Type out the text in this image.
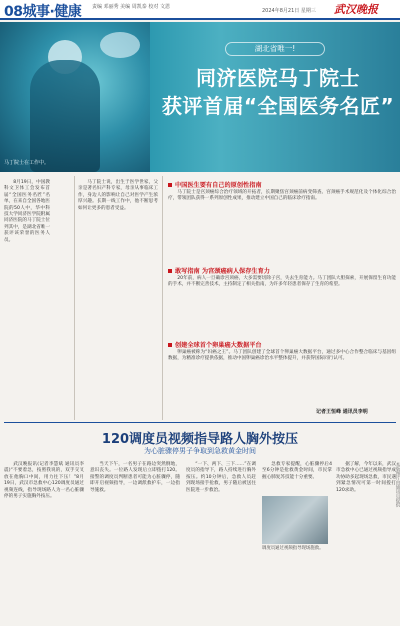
08城事·健康 责编 邓丽秀 美编 周凯泰 校对 文恩
2024年8月21日 星期三 武汉晚报
马丁院士在工作中。
湖北省唯一!
同济医院马丁院士
获评首届“全国医务名匠”

8月19日，中国教科文卫体工会发布首届“全国医务名匠”名单，在来自全国各地医院的50人中，华中科技大学同济医学院附属同济医院的马丁院士位列其中，是湖北省唯一获评该荣誉的医务人员。

马丁院士说，出生于医学世家，父亲是著名妇产科专家，母亲从事临床工作，身边人的影响让自己对医学产生浓厚兴趣。长期一线工作中，他不断思考如何让更多的患者受益。

中国医生要有自己的原创性指南

马丁院士是宫颈癌综合治疗领域的开拓者，长期聚焦宫颈癌前病变筛查、宫颈癌手术规范化及个体化综合治疗，带领团队获得一系列原创性成果，推动建立中国自己的临床诊疗指南。

敢写指南 为宫颈癌病人保存生育力

20年前，病人一旦确诊宫颈癌，大多需要切除子宫，失去生育能力。马丁团队大胆探索，开展保留生育功能的手术，并不断完善技术，主持制定了相关指南，为许多年轻患者保存了生育的希望。

创建全球首个卵巢癌大数据平台

卵巢癌被称为“妇癌之王”。马丁团队创建了全球首个卵巢癌大数据平台，通过多中心合作整合临床与基因组数据，为精准诊疗提供依据，推动中国卵巢癌诊治水平整体提升，并获得国际同行认可。

记者王恒峰 通讯员李明
120调度员视频指导路人胸外按压
为心脏骤停男子争取到急救黄金时间

武汉晚报讯(记者李慧斌 通讯员李震)“不要着急，按照我说的，双手交叉放在他胸口中间，用力往下压！”8月19日，武汉市急救中心120调度员通过视频连线，指导现场路人为一名心脏骤停的男子实施胸外按压。

当天下午，一名男子在路边突然倒地，意识丧失。一位路人发现后立即拨打120。接警的调度员判断患者可能为心脏骤停，随即开启视频指导，一边调派救护车，一边指导施救。

“一下、两下、三下……”在调度员的指导下，路人持续进行胸外按压。约10分钟后，急救人员赶到现场接手抢救，男子随后被送往医院进一步救治。

急救专家提醒，心脏骤停后4至6分钟是抢救黄金时间，市民掌握心肺复苏技能十分重要。

调度员通过视频指导现场施救。

据了解，今年以来，武汉市急救中心已通过视频指导成功协助多起现场急救，市民遇到紧急情况可第一时间拨打120求助。	本版图片由通讯员提供
